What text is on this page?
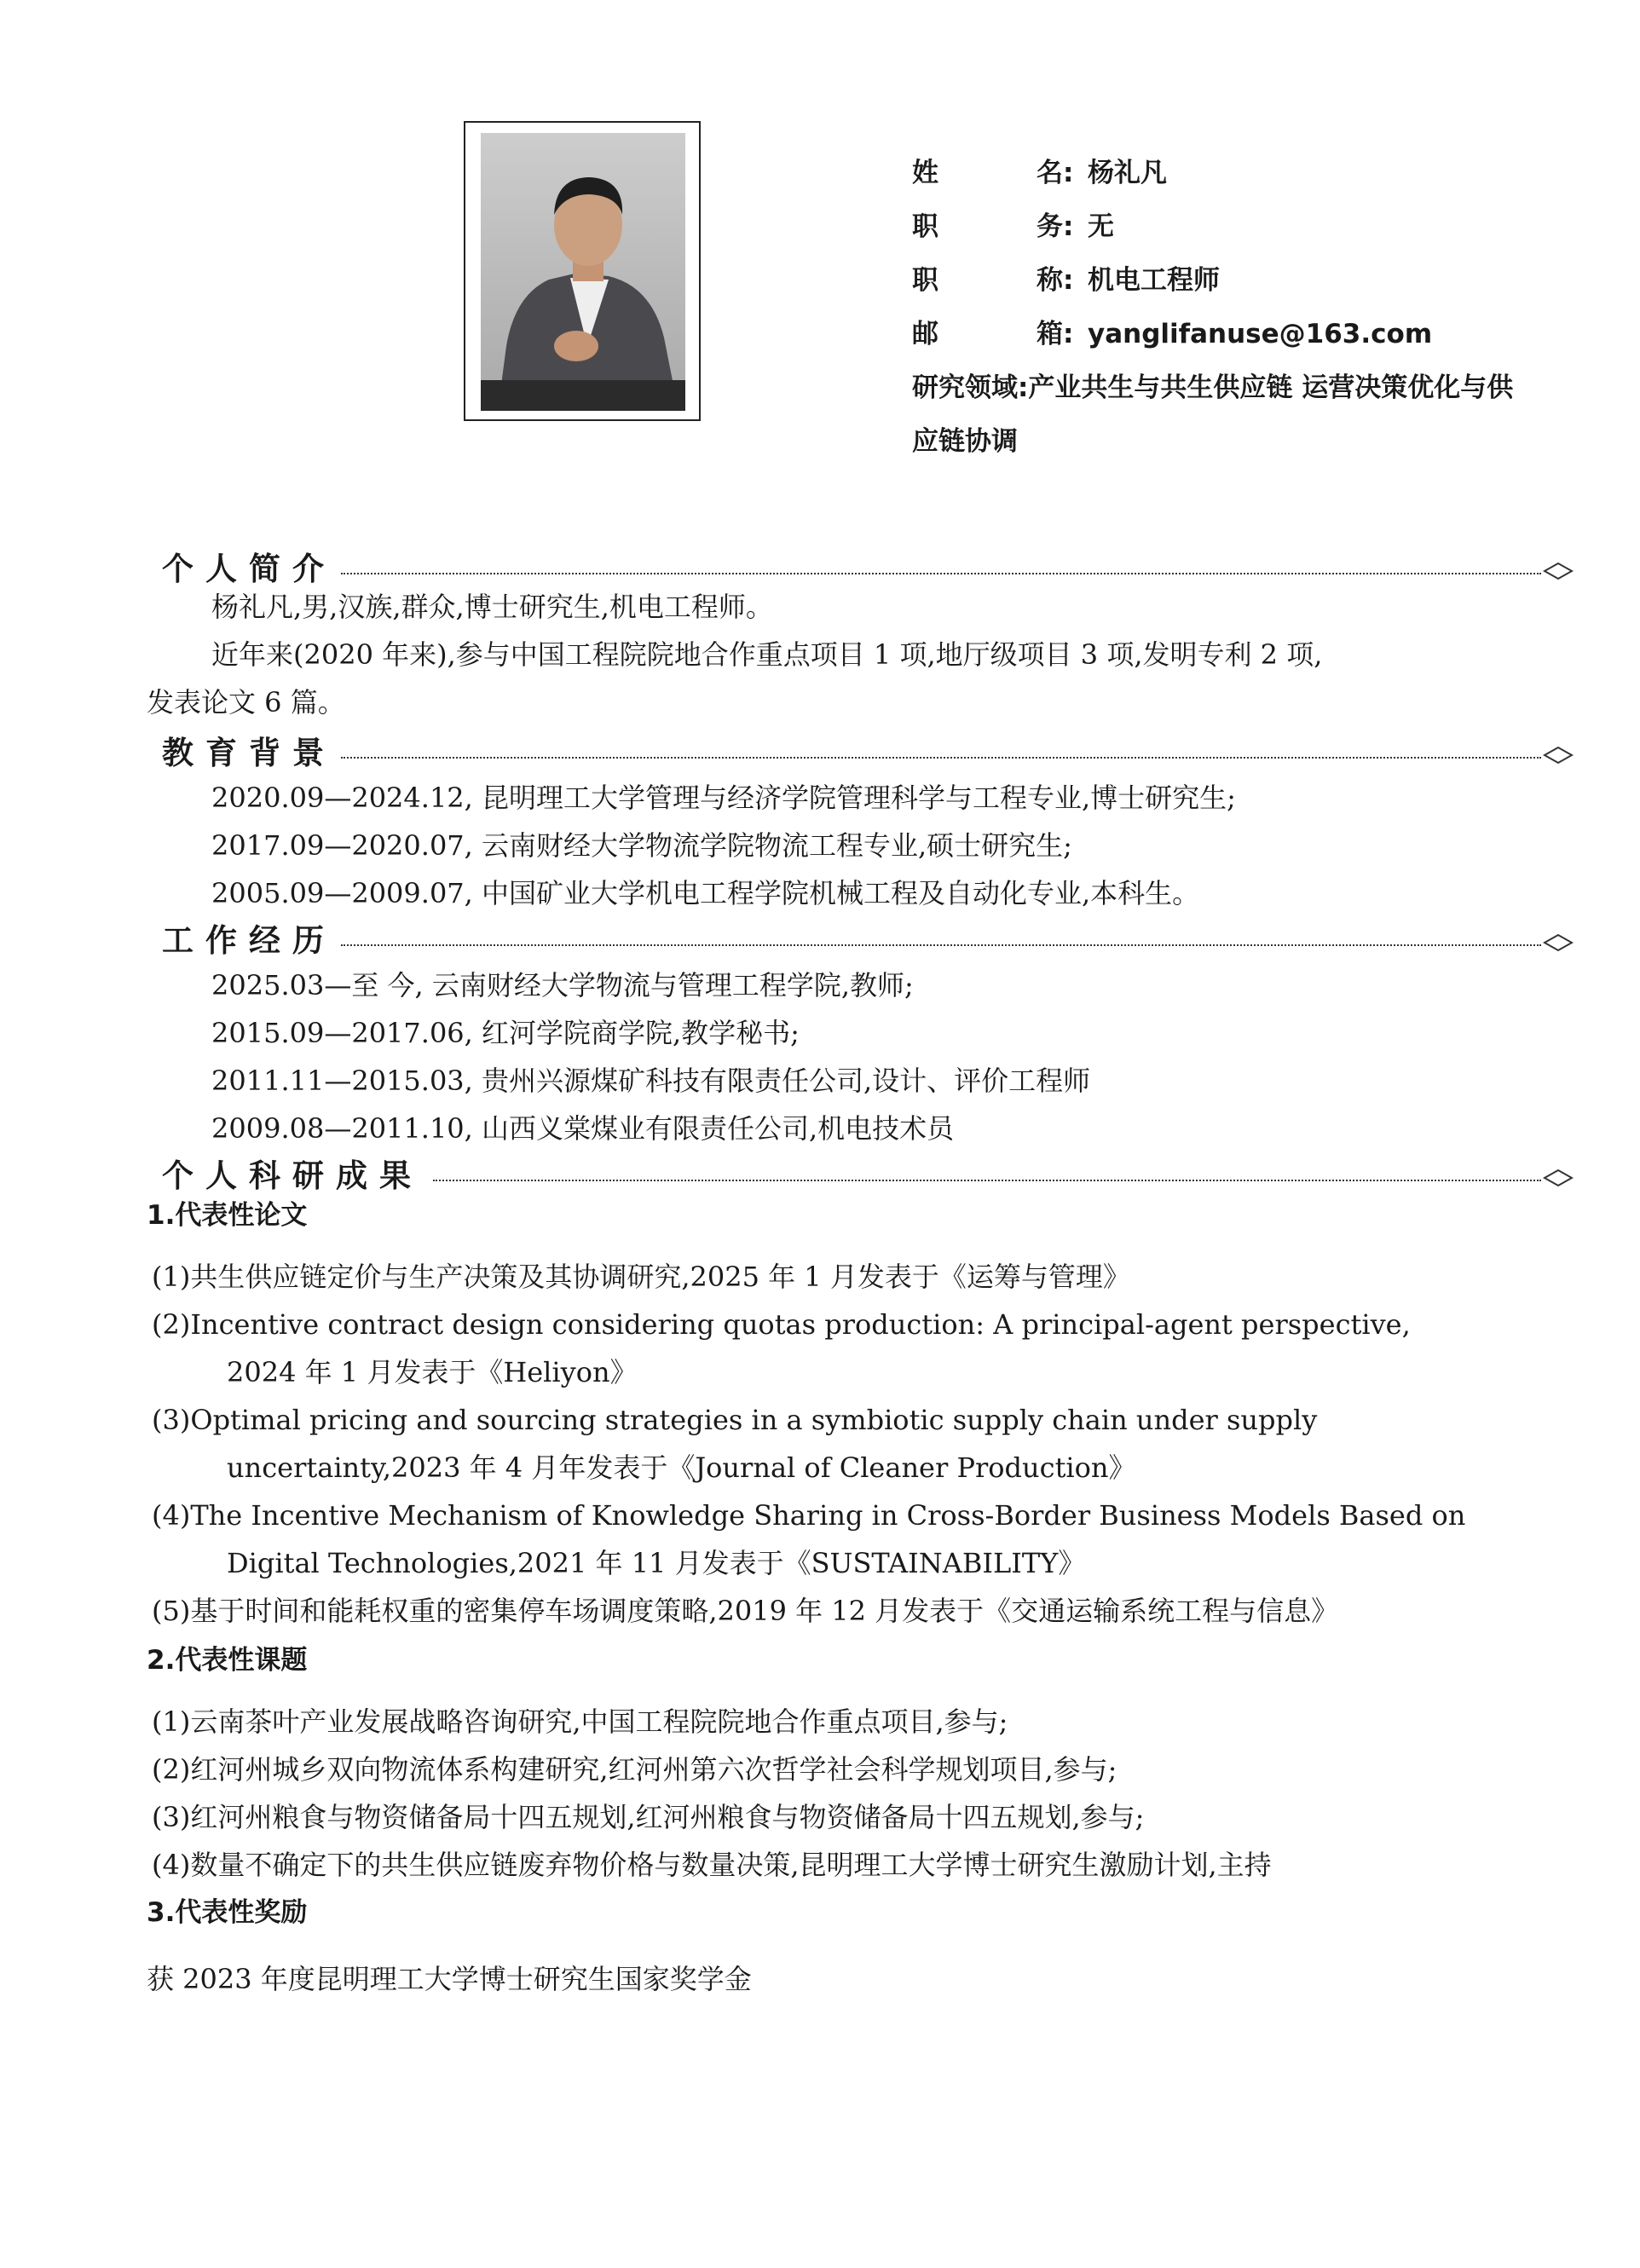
姓	名: 杨礼凡
职	务: 无
职	称: 机电工程师
邮	箱: yanglifanuse@163.com
研究领域:产业共生与共生供应链 运营决策优化与供
应链协调
个人简介
杨礼凡,男,汉族,群众,博士研究生,机电工程师。
近年来(2020 年来),参与中国工程院院地合作重点项目 1 项,地厅级项目 3 项,发明专利 2 项,
发表论文 6 篇。
教育背景
2020.09—2024.12, 昆明理工大学管理与经济学院管理科学与工程专业,博士研究生;
2017.09—2020.07, 云南财经大学物流学院物流工程专业,硕士研究生;
2005.09—2009.07, 中国矿业大学机电工程学院机械工程及自动化专业,本科生。
工作经历
2025.03—至 今, 云南财经大学物流与管理工程学院,教师;
2015.09—2017.06, 红河学院商学院,教学秘书;
2011.11—2015.03, 贵州兴源煤矿科技有限责任公司,设计、评价工程师
2009.08—2011.10, 山西义棠煤业有限责任公司,机电技术员
个人科研成果
1.代表性论文
(1)共生供应链定价与生产决策及其协调研究,2025 年 1 月发表于《运筹与管理》
(2)Incentive contract design considering quotas production: A principal-agent perspective,
2024 年 1 月发表于《Heliyon》
(3)Optimal pricing and sourcing strategies in a symbiotic supply chain under supply
uncertainty,2023 年 4 月年发表于《Journal of Cleaner Production》
(4)The Incentive Mechanism of Knowledge Sharing in Cross-Border Business Models Based on
Digital Technologies,2021 年 11 月发表于《SUSTAINABILITY》
(5)基于时间和能耗权重的密集停车场调度策略,2019 年 12 月发表于《交通运输系统工程与信息》
2.代表性课题
(1)云南茶叶产业发展战略咨询研究,中国工程院院地合作重点项目,参与;
(2)红河州城乡双向物流体系构建研究,红河州第六次哲学社会科学规划项目,参与;
(3)红河州粮食与物资储备局十四五规划,红河州粮食与物资储备局十四五规划,参与;
(4)数量不确定下的共生供应链废弃物价格与数量决策,昆明理工大学博士研究生激励计划,主持
3.代表性奖励
获 2023 年度昆明理工大学博士研究生国家奖学金
